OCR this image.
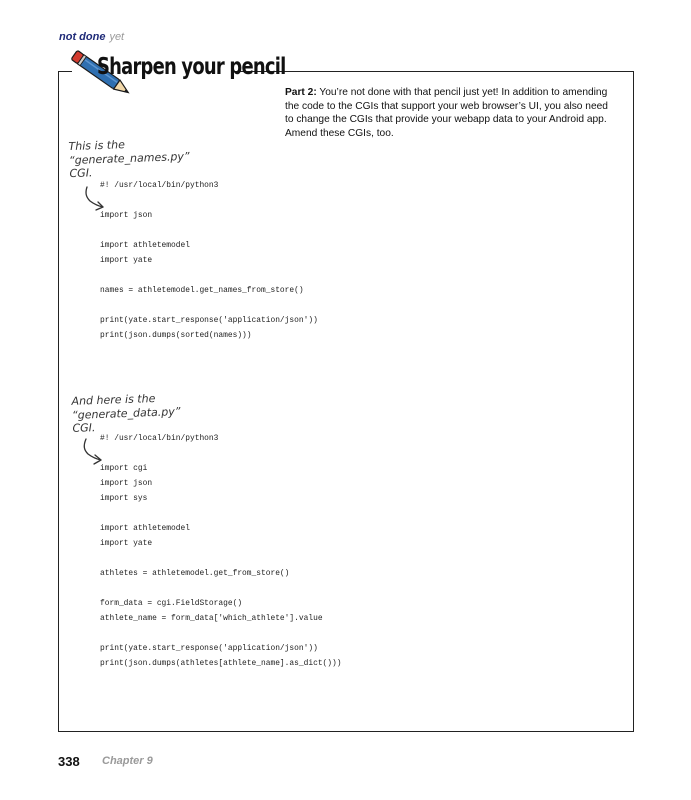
not done yet
Sharpen your pencil
Part 2: You’re not done with that pencil just yet! In addition to amending the code to the CGIs that support your web browser’s UI, you also need to change the CGIs that provide your webapp data to your Android app. Amend these CGIs, too.
This is the
“generate_names.py”
CGI.
#! /usr/local/bin/python3

import json

import athletemodel
import yate

names = athletemodel.get_names_from_store()

print(yate.start_response('application/json'))
print(json.dumps(sorted(names)))
And here is the
“generate_data.py”
CGI.
#! /usr/local/bin/python3

import cgi
import json
import sys

import athletemodel
import yate

athletes = athletemodel.get_from_store()

form_data = cgi.FieldStorage()
athlete_name = form_data['which_athlete'].value

print(yate.start_response('application/json'))
print(json.dumps(athletes[athlete_name].as_dict()))
338 Chapter 9
